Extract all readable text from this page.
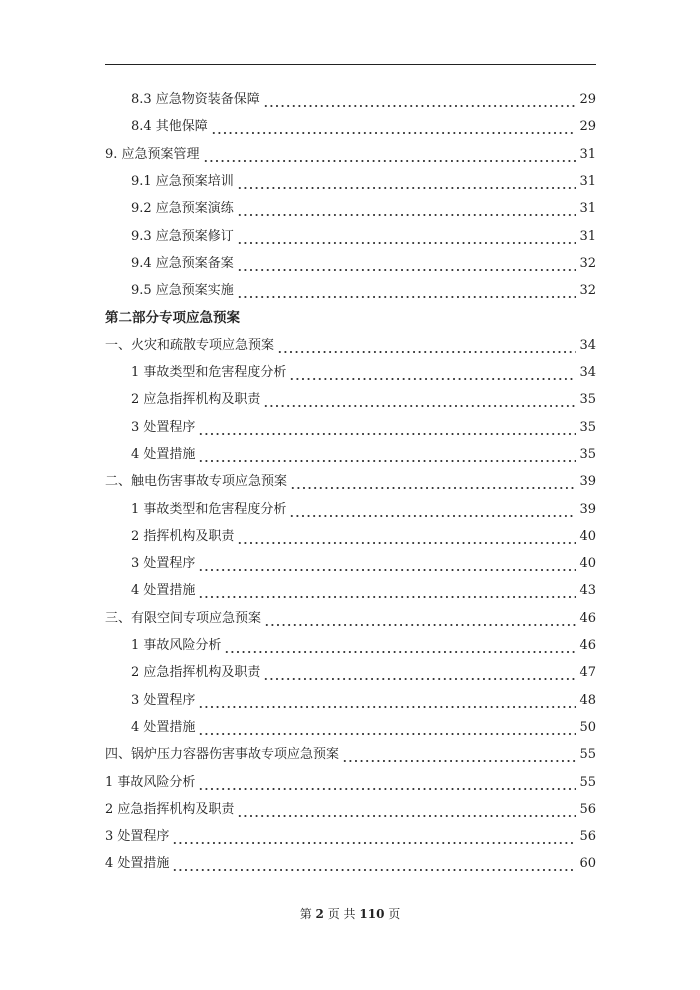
8.3 应急物资装备保障	29
8.4 其他保障	29
9. 应急预案管理	31
9.1 应急预案培训	31
9.2 应急预案演练	31
9.3 应急预案修订	31
9.4 应急预案备案	32
9.5 应急预案实施	32
第二部分专项应急预案
一、火灾和疏散专项应急预案	34
1 事故类型和危害程度分析	34
2 应急指挥机构及职责	35
3 处置程序	35
4 处置措施	35
二、触电伤害事故专项应急预案	39
1 事故类型和危害程度分析	39
2 指挥机构及职责	40
3 处置程序	40
4 处置措施	43
三、有限空间专项应急预案	46
1 事故风险分析	46
2 应急指挥机构及职责	47
3 处置程序	48
4 处置措施	50
四、锅炉压力容器伤害事故专项应急预案	55
1 事故风险分析	55
2 应急指挥机构及职责	56
3 处置程序	56
4 处置措施	60
第 2 页 共 110 页
